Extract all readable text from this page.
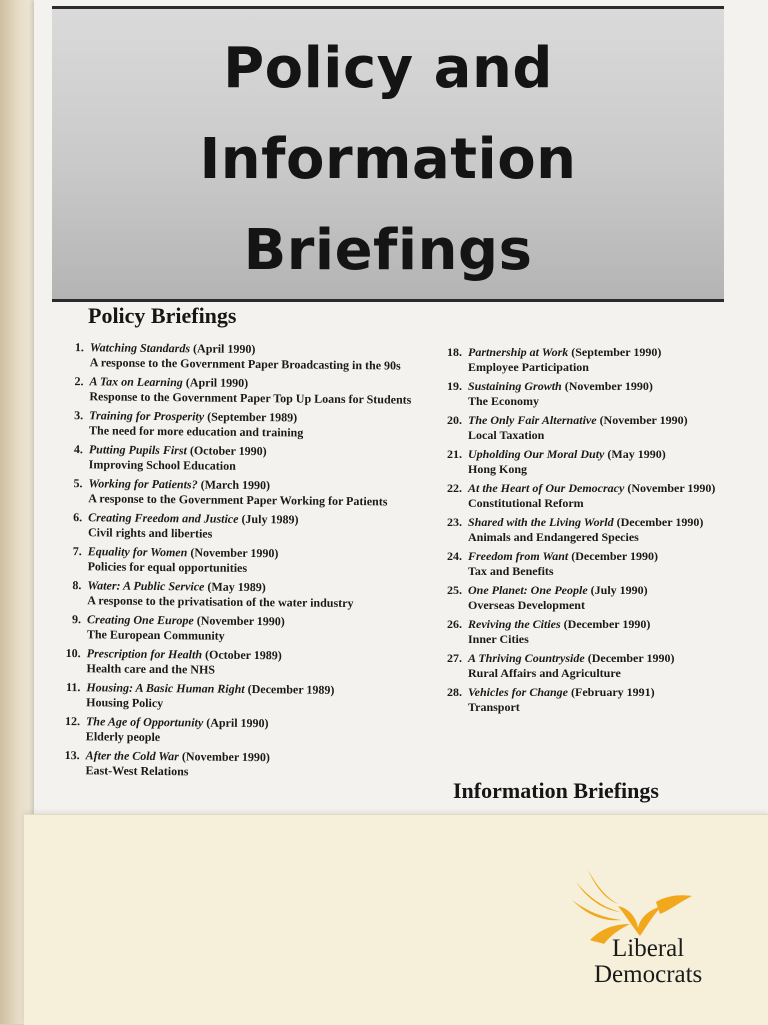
Policy and
Information
Briefings
Policy Briefings
1. Watching Standards (April 1990)
A response to the Government Paper Broadcasting in the 90s
2. A Tax on Learning (April 1990)
Response to the Government Paper Top Up Loans for Students
3. Training for Prosperity (September 1989)
The need for more education and training
4. Putting Pupils First (October 1990)
Improving School Education
5. Working for Patients? (March 1990)
A response to the Government Paper Working for Patients
6. Creating Freedom and Justice (July 1989)
Civil rights and liberties
7. Equality for Women (November 1990)
Policies for equal opportunities
8. Water: A Public Service (May 1989)
A response to the privatisation of the water industry
9. Creating One Europe (November 1990)
The European Community
10. Prescription for Health (October 1989)
Health care and the NHS
11. Housing: A Basic Human Right (December 1989)
Housing Policy
12. The Age of Opportunity (April 1990)
Elderly people
13. After the Cold War (November 1990)
East-West Relations
18. Partnership at Work (September 1990)
Employee Participation
19. Sustaining Growth (November 1990)
The Economy
20. The Only Fair Alternative (November 1990)
Local Taxation
21. Upholding Our Moral Duty (May 1990)
Hong Kong
22. At the Heart of Our Democracy (November 1990)
Constitutional Reform
23. Shared with the Living World (December 1990)
Animals and Endangered Species
24. Freedom from Want (December 1990)
Tax and Benefits
25. One Planet: One People (July 1990)
Overseas Development
26. Reviving the Cities (December 1990)
Inner Cities
27. A Thriving Countryside (December 1990)
Rural Affairs and Agriculture
28. Vehicles for Change (February 1991)
Transport
Information Briefings
Liberal
Democrats
